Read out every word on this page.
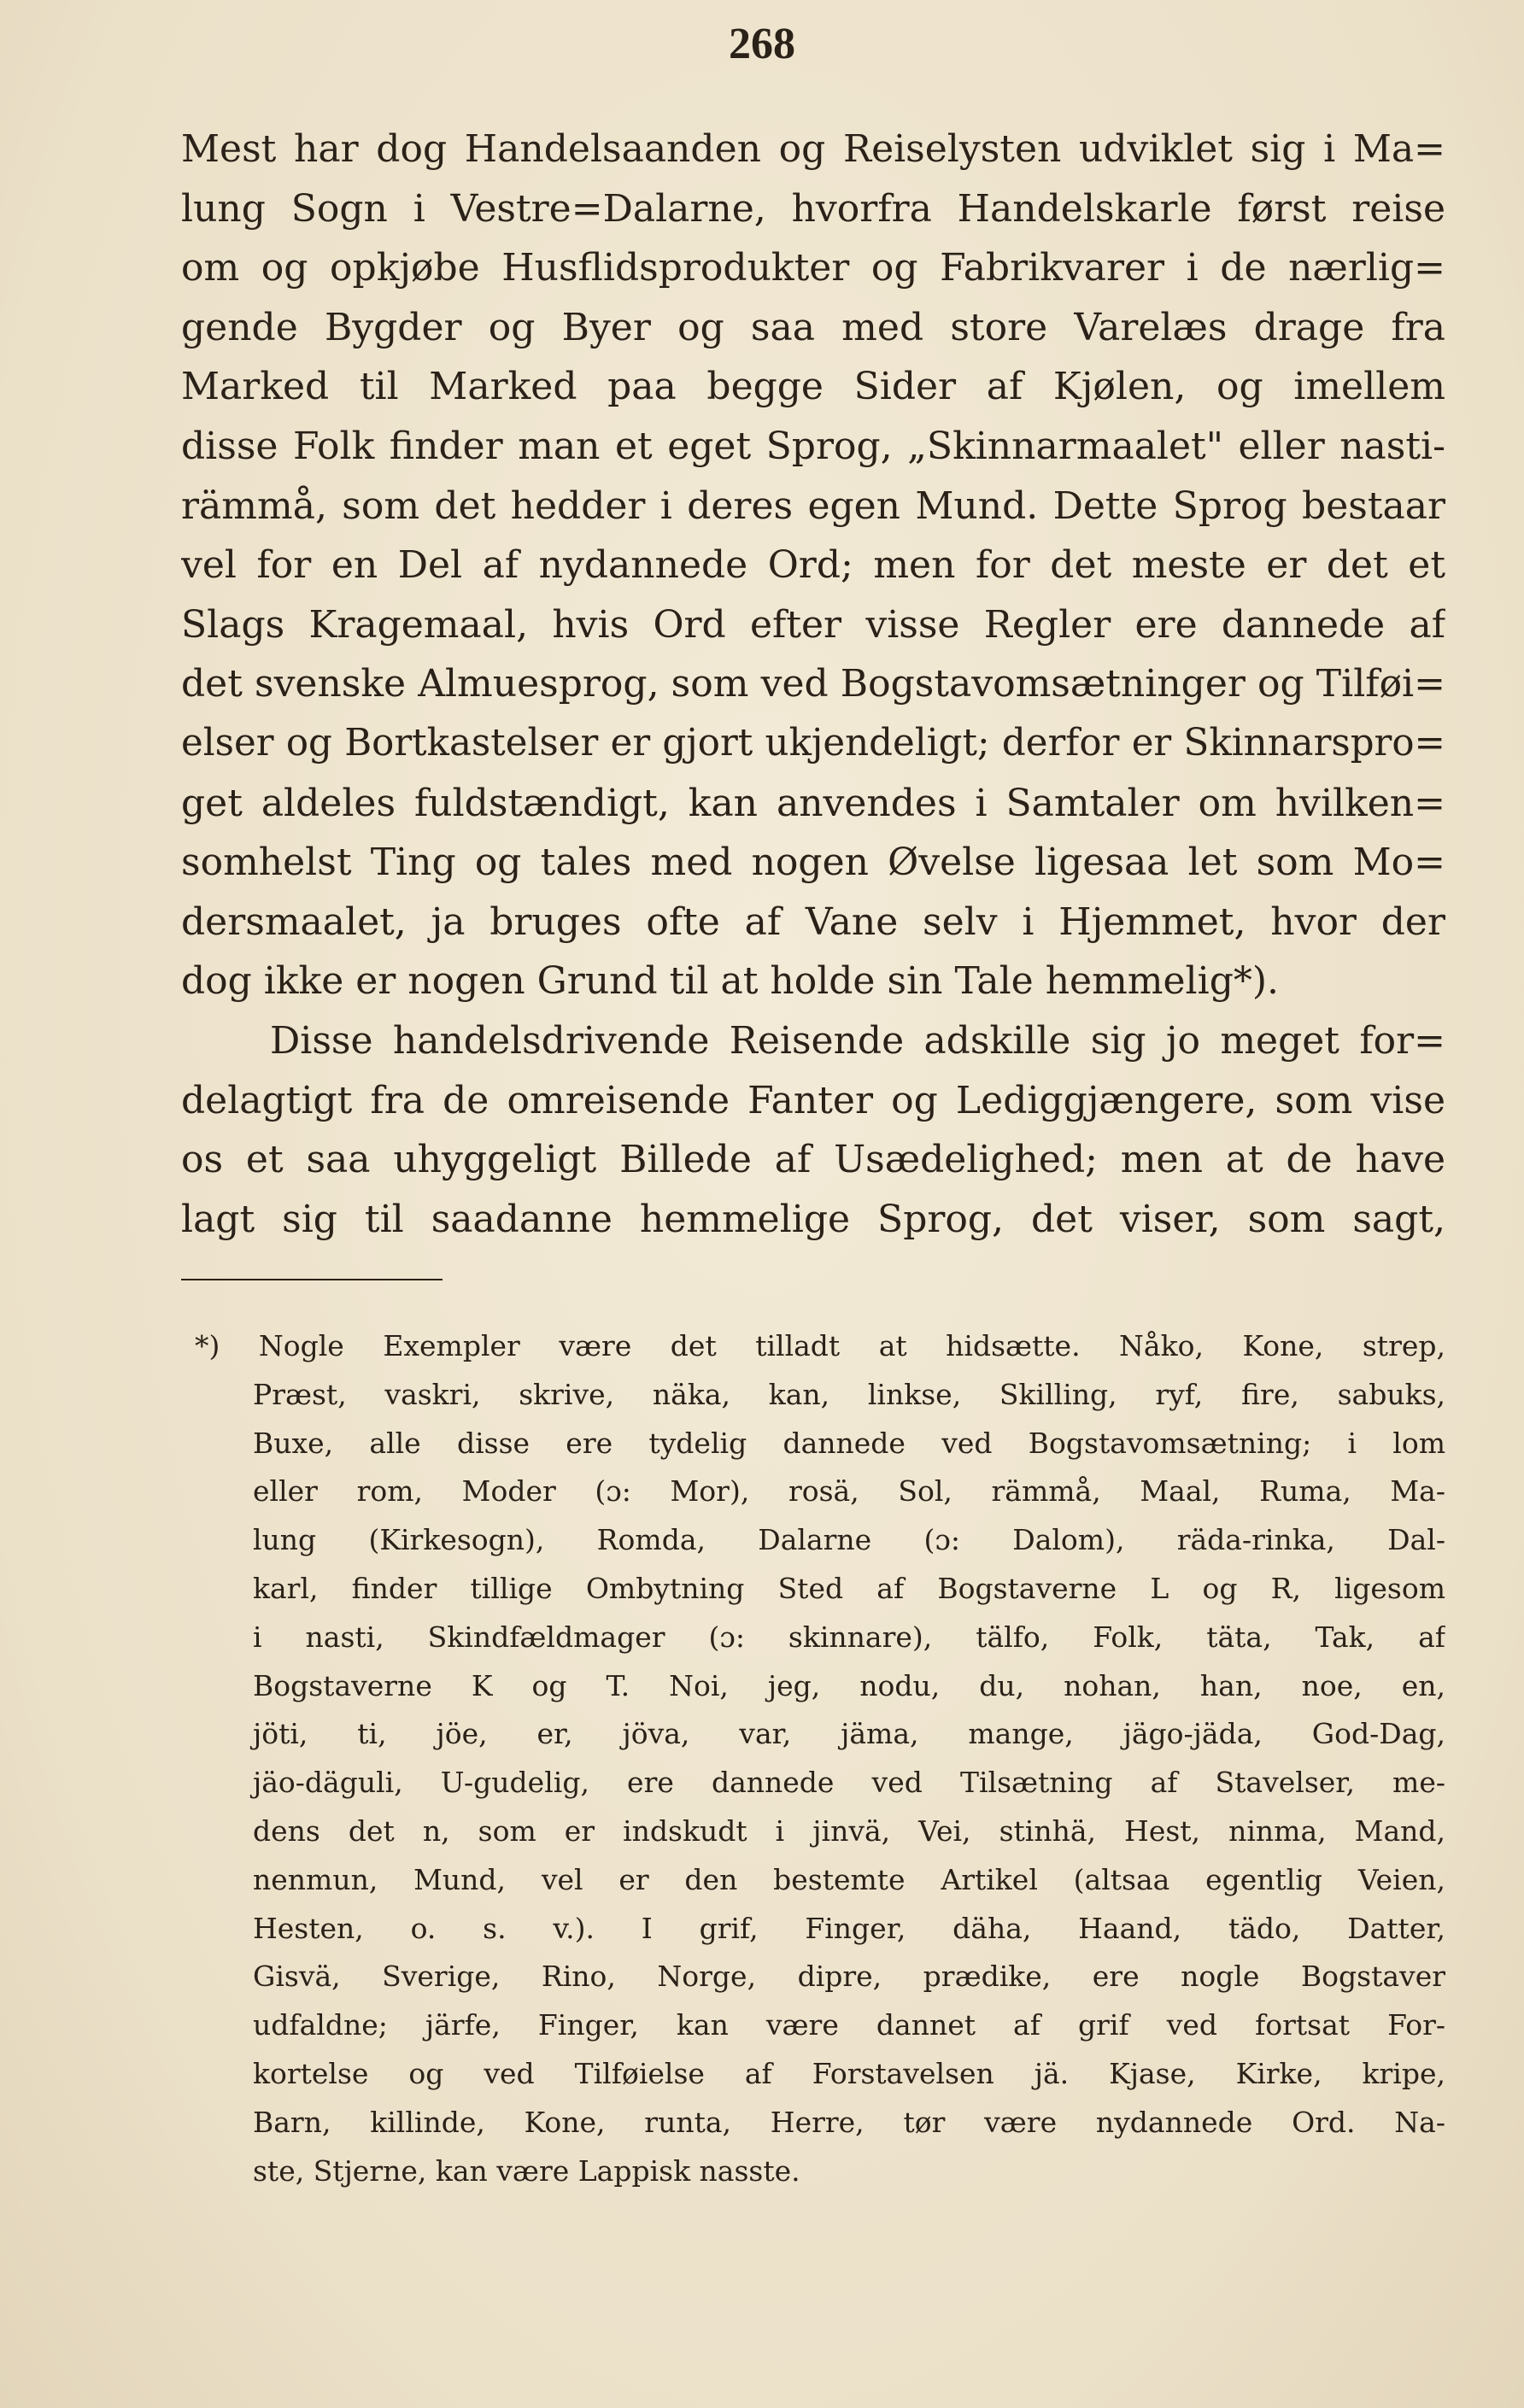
268
Mest har dog Handelsaanden og Reiselysten udviklet sig i Ma=
lung Sogn i Vestre=Dalarne, hvorfra Handelskarle først reise
om og opkjøbe Husflidsprodukter og Fabrikvarer i de nærlig=
gende Bygder og Byer og saa med store Varelæs drage fra
Marked til Marked paa begge Sider af Kjølen, og imellem
disse Folk finder man et eget Sprog, „Skinnarmaalet" eller nasti-
rämmå, som det hedder i deres egen Mund. Dette Sprog bestaar
vel for en Del af nydannede Ord; men for det meste er det et
Slags Kragemaal, hvis Ord efter visse Regler ere dannede af
det svenske Almuesprog, som ved Bogstavomsætninger og Tilføi=
elser og Bortkastelser er gjort ukjendeligt; derfor er Skinnarspro=
get aldeles fuldstændigt, kan anvendes i Samtaler om hvilken=
somhelst Ting og tales med nogen Øvelse ligesaa let som Mo=
dersmaalet, ja bruges ofte af Vane selv i Hjemmet, hvor der
dog ikke er nogen Grund til at holde sin Tale hemmelig*).
Disse handelsdrivende Reisende adskille sig jo meget for=
delagtigt fra de omreisende Fanter og Lediggjængere, som vise
os et saa uhyggeligt Billede af Usædelighed; men at de have
lagt sig til saadanne hemmelige Sprog, det viser, som sagt,
*) Nogle Exempler være det tilladt at hidsætte. Nåko, Kone, strep,
Præst, vaskri, skrive, näka, kan, linkse, Skilling, ryf, fire, sabuks,
Buxe, alle disse ere tydelig dannede ved Bogstavomsætning; i lom
eller rom, Moder (ɔ: Mor), rosä, Sol, rämmå, Maal, Ruma, Ma-
lung (Kirkesogn), Romda, Dalarne (ɔ: Dalom), räda-rinka, Dal-
karl, finder tillige Ombytning Sted af Bogstaverne L og R, ligesom
i nasti, Skindfældmager (ɔ: skinnare), tälfo, Folk, täta, Tak, af
Bogstaverne K og T. Noi, jeg, nodu, du, nohan, han, noe, en,
jöti, ti, jöe, er, jöva, var, jäma, mange, jägo-jäda, God-Dag,
jäo-däguli, U-gudelig, ere dannede ved Tilsætning af Stavelser, me-
dens det n, som er indskudt i jinvä, Vei, stinhä, Hest, ninma, Mand,
nenmun, Mund, vel er den bestemte Artikel (altsaa egentlig Veien,
Hesten, o. s. v.). I grif, Finger, däha, Haand, tädo, Datter,
Gisvä, Sverige, Rino, Norge, dipre, prædike, ere nogle Bogstaver
udfaldne; järfe, Finger, kan være dannet af grif ved fortsat For-
kortelse og ved Tilføielse af Forstavelsen jä. Kjase, Kirke, kripe,
Barn, killinde, Kone, runta, Herre, tør være nydannede Ord. Na-
ste, Stjerne, kan være Lappisk nasste.
